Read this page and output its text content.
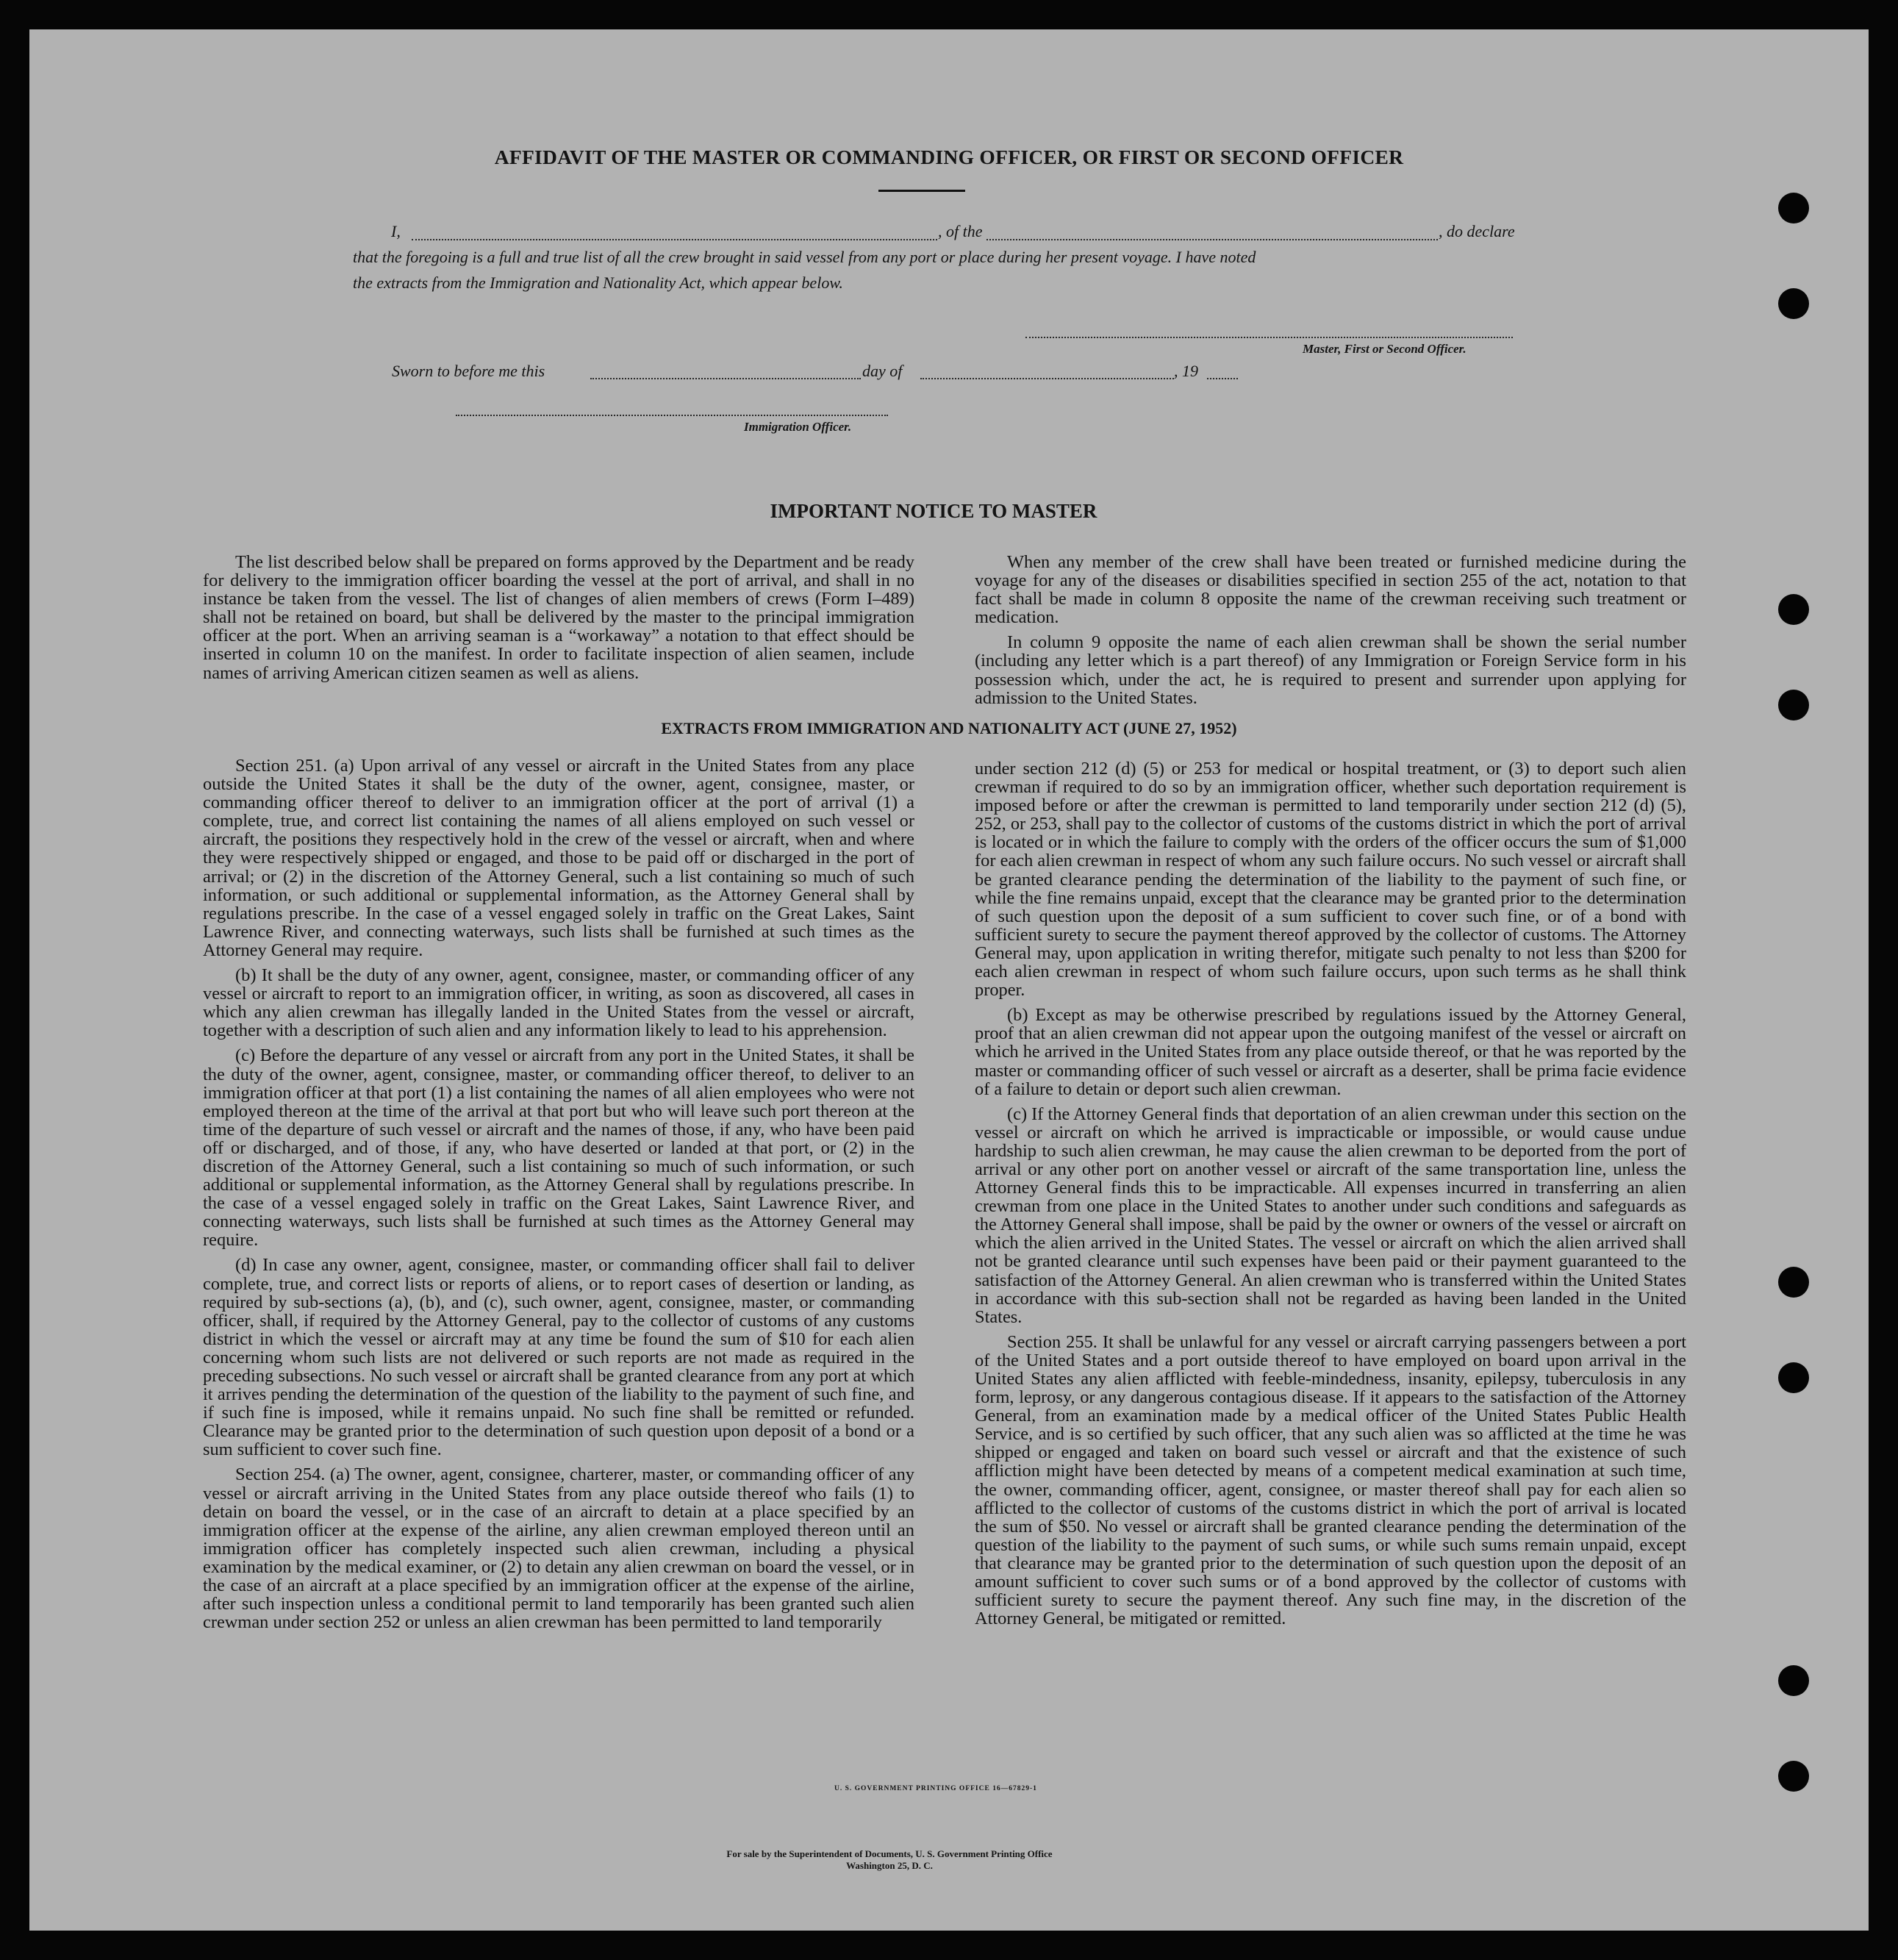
AFFIDAVIT OF THE MASTER OR COMMANDING OFFICER, OR FIRST OR SECOND OFFICER
I,	, of the	, do declare

that the foregoing is a full and true list of all the crew brought in said vessel from any port or place during her present voyage. I have noted

the extracts from the Immigration and Nationality Act, which appear below.

Master, First or Second Officer.
Sworn to before me this	day of	, 19
Immigration Officer.
IMPORTANT NOTICE TO MASTER

The list described below shall be prepared on forms approved by the Department and be ready for delivery to the immigration officer boarding the vessel at the port of arrival, and shall in no instance be taken from the vessel. The list of changes of alien members of crews (Form I–489) shall not be retained on board, but shall be delivered by the master to the principal immigration officer at the port. When an arriving seaman is a “workaway” a notation to that effect should be inserted in column 10 on the manifest. In order to facilitate inspection of alien seamen, include names of arriving American citizen seamen as well as aliens.

When any member of the crew shall have been treated or furnished medicine during the voyage for any of the diseases or disabilities specified in section 255 of the act, notation to that fact shall be made in column 8 opposite the name of the crewman receiving such treatment or medication.

In column 9 opposite the name of each alien crewman shall be shown the serial number (including any letter which is a part thereof) of any Immigration or Foreign Service form in his possession which, under the act, he is required to present and surrender upon applying for admission to the United States.

EXTRACTS FROM IMMIGRATION AND NATIONALITY ACT (JUNE 27, 1952)

Section 251. (a) Upon arrival of any vessel or aircraft in the United States from any place outside the United States it shall be the duty of the owner, agent, consignee, master, or commanding officer thereof to deliver to an immigration officer at the port of arrival (1) a complete, true, and correct list containing the names of all aliens employed on such vessel or aircraft, the positions they respectively hold in the crew of the vessel or aircraft, when and where they were respectively shipped or engaged, and those to be paid off or discharged in the port of arrival; or (2) in the discretion of the Attorney General, such a list containing so much of such information, or such additional or supplemental information, as the Attorney General shall by regulations prescribe. In the case of a vessel engaged solely in traffic on the Great Lakes, Saint Lawrence River, and connecting waterways, such lists shall be furnished at such times as the Attorney General may require.

(b) It shall be the duty of any owner, agent, consignee, master, or commanding officer of any vessel or aircraft to report to an immigration officer, in writing, as soon as discovered, all cases in which any alien crewman has illegally landed in the United States from the vessel or aircraft, together with a description of such alien and any information likely to lead to his apprehension.

(c) Before the departure of any vessel or aircraft from any port in the United States, it shall be the duty of the owner, agent, consignee, master, or commanding officer thereof, to deliver to an immigration officer at that port (1) a list containing the names of all alien employees who were not employed thereon at the time of the arrival at that port but who will leave such port thereon at the time of the departure of such vessel or aircraft and the names of those, if any, who have been paid off or discharged, and of those, if any, who have deserted or landed at that port, or (2) in the discretion of the Attorney General, such a list containing so much of such information, or such additional or supplemental information, as the Attorney General shall by regulations prescribe. In the case of a vessel engaged solely in traffic on the Great Lakes, Saint Lawrence River, and connecting waterways, such lists shall be furnished at such times as the Attorney General may require.

(d) In case any owner, agent, consignee, master, or commanding officer shall fail to deliver complete, true, and correct lists or reports of aliens, or to report cases of desertion or landing, as required by sub-sections (a), (b), and (c), such owner, agent, consignee, master, or commanding officer, shall, if required by the Attorney General, pay to the collector of customs of any customs district in which the vessel or aircraft may at any time be found the sum of $10 for each alien concerning whom such lists are not delivered or such reports are not made as required in the preceding subsections. No such vessel or aircraft shall be granted clearance from any port at which it arrives pending the determination of the question of the liability to the payment of such fine, and if such fine is imposed, while it remains unpaid. No such fine shall be remitted or refunded. Clearance may be granted prior to the determination of such question upon deposit of a bond or a sum sufficient to cover such fine.

Section 254. (a) The owner, agent, consignee, charterer, master, or commanding officer of any vessel or aircraft arriving in the United States from any place outside thereof who fails (1) to detain on board the vessel, or in the case of an aircraft to detain at a place specified by an immigration officer at the expense of the airline, any alien crewman employed thereon until an immigration officer has completely inspected such alien crewman, including a physical examination by the medical examiner, or (2) to detain any alien crewman on board the vessel, or in the case of an aircraft at a place specified by an immigration officer at the expense of the airline, after such inspection unless a conditional permit to land temporarily has been granted such alien crewman under section 252 or unless an alien crewman has been permitted to land temporarily

under section 212 (d) (5) or 253 for medical or hospital treatment, or (3) to deport such alien crewman if required to do so by an immigration officer, whether such deportation requirement is imposed before or after the crewman is permitted to land temporarily under section 212 (d) (5), 252, or 253, shall pay to the collector of customs of the customs district in which the port of arrival is located or in which the failure to comply with the orders of the officer occurs the sum of $1,000 for each alien crewman in respect of whom any such failure occurs. No such vessel or aircraft shall be granted clearance pending the determination of the liability to the payment of such fine, or while the fine remains unpaid, except that the clearance may be granted prior to the determination of such question upon the deposit of a sum sufficient to cover such fine, or of a bond with sufficient surety to secure the payment thereof approved by the collector of customs. The Attorney General may, upon application in writing therefor, mitigate such penalty to not less than $200 for each alien crewman in respect of whom such failure occurs, upon such terms as he shall think proper.

(b) Except as may be otherwise prescribed by regulations issued by the Attorney General, proof that an alien crewman did not appear upon the outgoing manifest of the vessel or aircraft on which he arrived in the United States from any place outside thereof, or that he was reported by the master or commanding officer of such vessel or aircraft as a deserter, shall be prima facie evidence of a failure to detain or deport such alien crewman.

(c) If the Attorney General finds that deportation of an alien crewman under this section on the vessel or aircraft on which he arrived is impracticable or impossible, or would cause undue hardship to such alien crewman, he may cause the alien crewman to be deported from the port of arrival or any other port on another vessel or aircraft of the same transportation line, unless the Attorney General finds this to be impracticable. All expenses incurred in transferring an alien crewman from one place in the United States to another under such conditions and safeguards as the Attorney General shall impose, shall be paid by the owner or owners of the vessel or aircraft on which the alien arrived in the United States. The vessel or aircraft on which the alien arrived shall not be granted clearance until such expenses have been paid or their payment guaranteed to the satisfaction of the Attorney General. An alien crewman who is transferred within the United States in accordance with this sub-section shall not be regarded as having been landed in the United States.

Section 255. It shall be unlawful for any vessel or aircraft carrying passengers between a port of the United States and a port outside thereof to have employed on board upon arrival in the United States any alien afflicted with feeble-mindedness, insanity, epilepsy, tuberculosis in any form, leprosy, or any dangerous contagious disease. If it appears to the satisfaction of the Attorney General, from an examination made by a medical officer of the United States Public Health Service, and is so certified by such officer, that any such alien was so afflicted at the time he was shipped or engaged and taken on board such vessel or aircraft and that the existence of such affliction might have been detected by means of a competent medical examination at such time, the owner, commanding officer, agent, consignee, or master thereof shall pay for each alien so afflicted to the collector of customs of the customs district in which the port of arrival is located the sum of $50. No vessel or aircraft shall be granted clearance pending the determination of the question of the liability to the payment of such sums, or while such sums remain unpaid, except that clearance may be granted prior to the determination of such question upon the deposit of an amount sufficient to cover such sums or of a bond approved by the collector of customs with sufficient surety to secure the payment thereof. Any such fine may, in the discretion of the Attorney General, be mitigated or remitted.

U. S. GOVERNMENT PRINTING OFFICE 16—67829-1
For sale by the Superintendent of Documents, U. S. Government Printing Office
Washington 25, D. C.
